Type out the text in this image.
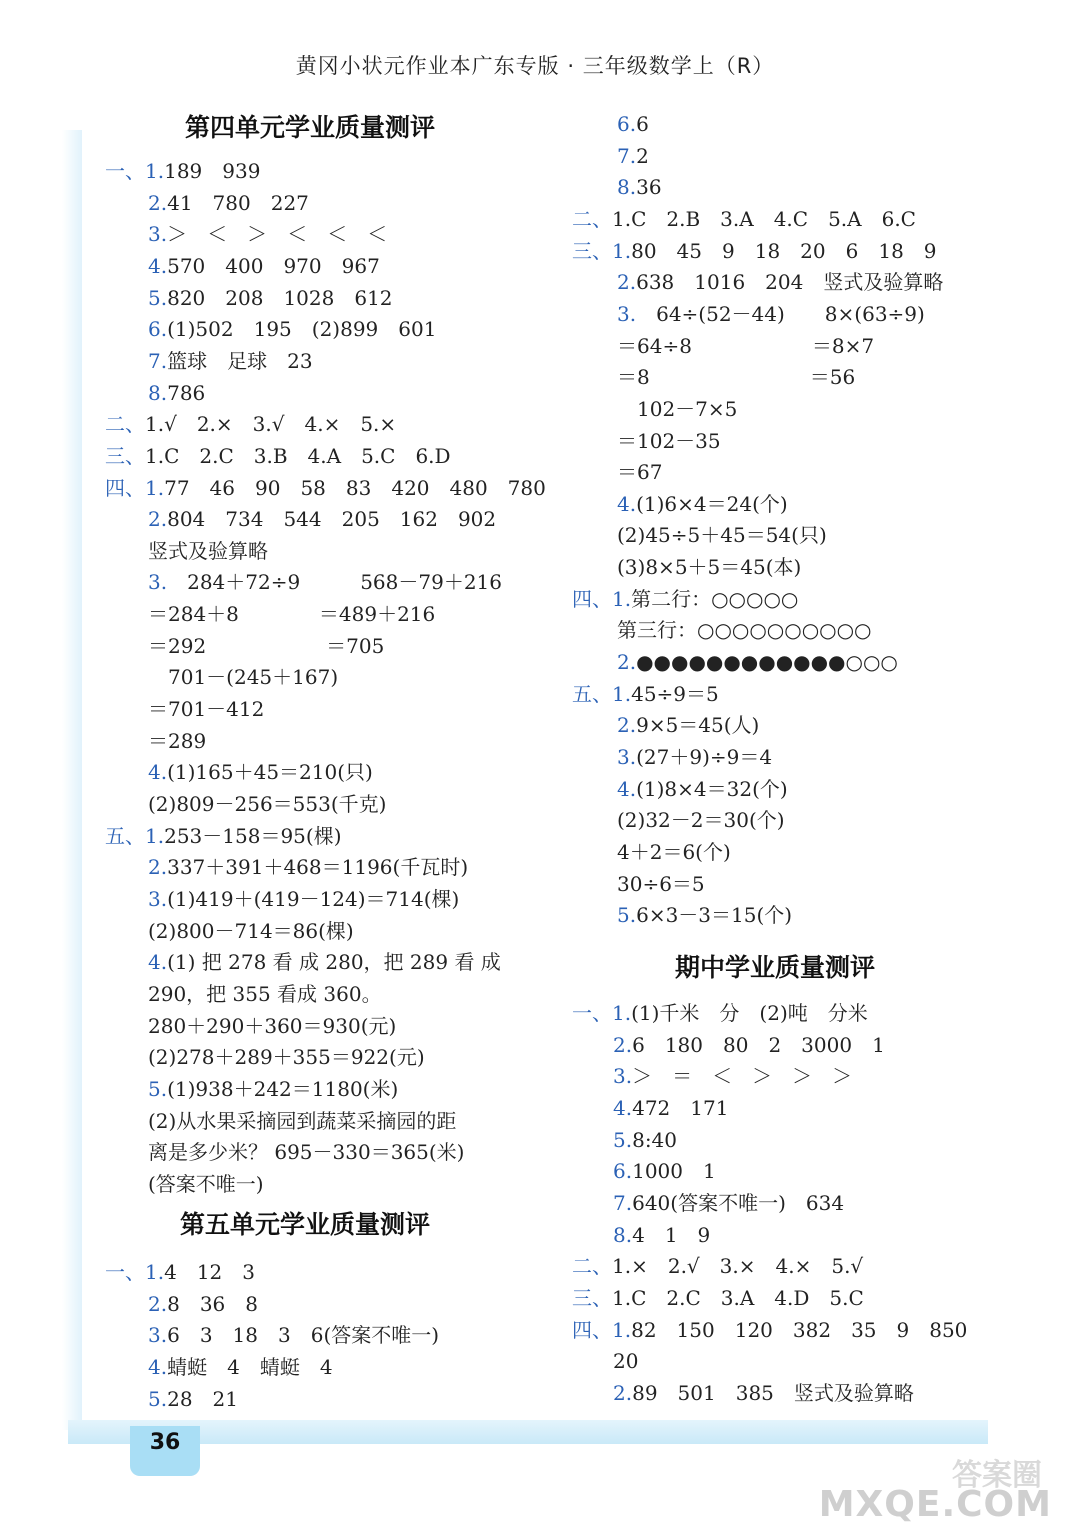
黄冈小状元作业本广东专版 · 三年级数学上（R）
36
第四单元学业质量测评
一、1.189　939
2.41　780　227
3.＞　＜　＞　＜　＜　＜
4.570　400　970　967
5.820　208　1028　612
6.(1)502　195　(2)899　601
7.篮球　足球　23
8.786
二、1.√　2.×　3.√　4.×　5.×
三、1.C　2.C　3.B　4.A　5.C　6.D
四、1.77　46　90　58　83　420　480　780
2.804　734　544　205　162　902
竖式及验算略
3.　284＋72÷9　　　568－79＋216
＝284＋8　　　　＝489＋216
＝292　　　　　　＝705
　701－(245＋167)
＝701－412
＝289
4.(1)165＋45＝210(只)
(2)809－256＝553(千克)
五、1.253－158＝95(棵)
2.337＋391＋468＝1196(千瓦时)
3.(1)419＋(419－124)＝714(棵)
(2)800－714＝86(棵)
4.(1) 把 278 看 成 280，把 289 看 成
290，把 355 看成 360。
280＋290＋360＝930(元)
(2)278＋289＋355＝922(元)
5.(1)938＋242＝1180(米)
(2)从水果采摘园到蔬菜采摘园的距
离是多少米？ 695－330＝365(米)
(答案不唯一)
第五单元学业质量测评
一、1.4　12　3
2.8　36　8
3.6　3　18　3　6(答案不唯一)
4.蜻蜓　4　蜻蜓　4
5.28　21
6.6
7.2
8.36
二、1.C　2.B　3.A　4.C　5.A　6.C
三、1.80　45　9　18　20　6　18　9
2.638　1016　204　竖式及验算略
3.　64÷(52－44)　　8×(63÷9)
＝64÷8　　　　　　＝8×7
＝8　　　　　　　　＝56
　102－7×5
＝102－35
＝67
4.(1)6×4＝24(个)
(2)45÷5＋45＝54(只)
(3)8×5＋5＝45(本)
四、1.第二行：○○○○○
第三行：○○○○○○○○○○
2.●●●●●●●●●●●●○○○
五、1.45÷9＝5
2.9×5＝45(人)
3.(27＋9)÷9＝4
4.(1)8×4＝32(个)
(2)32－2＝30(个)
4＋2＝6(个)
30÷6＝5
5.6×3－3＝15(个)
期中学业质量测评
一、1.(1)千米　分　(2)吨　分米
2.6　180　80　2　3000　1
3.＞　＝　＜　＞　＞　＞
4.472　171
5.8:40
6.1000　1
7.640(答案不唯一)　634
8.4　1　9
二、1.×　2.√　3.×　4.×　5.√
三、1.C　2.C　3.A　4.D　5.C
四、1.82　150　120　382　35　9　850
20
2.89　501　385　竖式及验算略
答案圈
MXQE.COM
